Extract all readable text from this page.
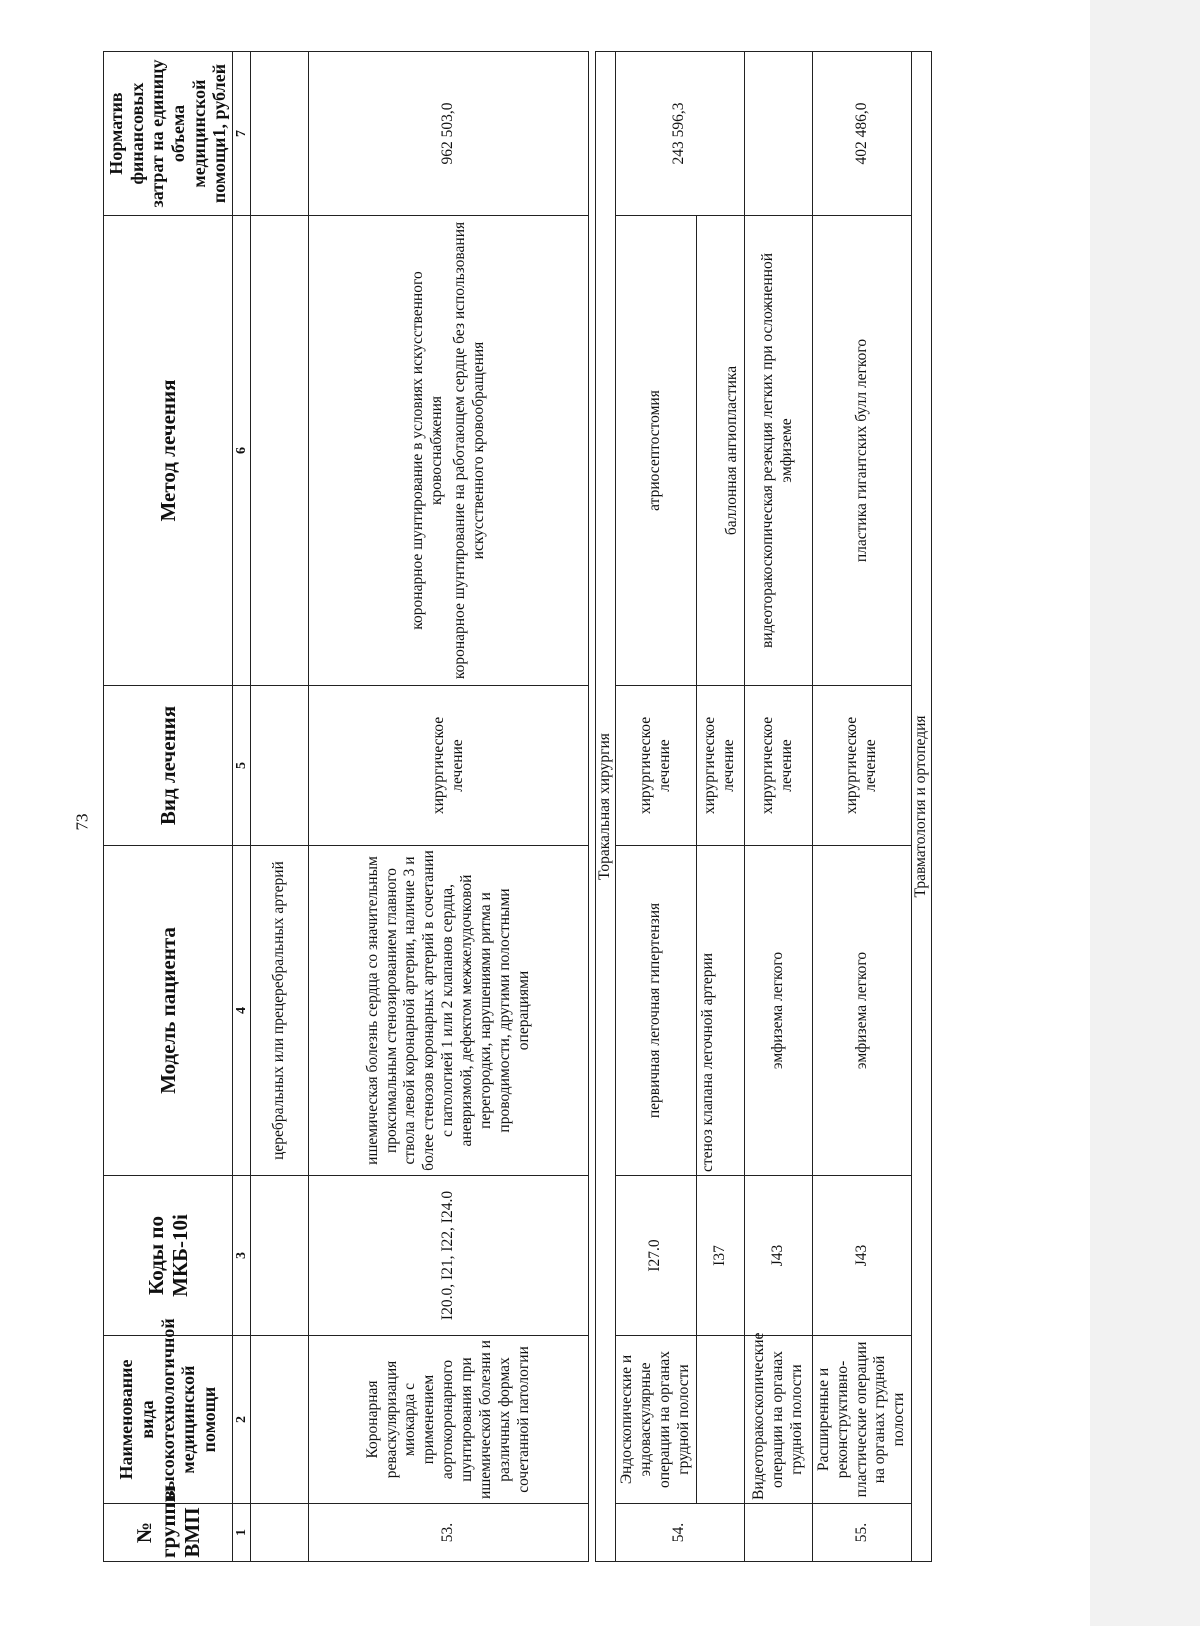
73
№ группы ВМП	Наименование вида высокотехнологичной медицинской помощи	Коды по МКБ-10i	Модель пациента	Вид лечения	Метод лечения	Норматив финансовых затрат на единицу объема медицинской помощи1, рублей
1	2	3	4	5	6	7
			церебральных или прецеребральных артерий			
53.	Коронарная реваскуляризация миокарда с применением аортокоронарного шунтирования при ишемической болезни и различных формах сочетанной патологии	I20.0, I21, I22, I24.0	ишемическая болезнь сердца со значительным проксимальным стенозированием главного ствола левой коронарной артерии, наличие 3 и более стенозов коронарных артерий в сочетании с патологией 1 или 2 клапанов сердца, аневризмой, дефектом межжелудочковой перегородки, нарушениями ритма и проводимости, другими полостными операциями	хирургическое лечение	коронарное шунтирование в условиях искусственного кровоснабжения	962 503,0
					коронарное шунтирование на работающем сердце без использования искусственного кровообращения	

Торакальная хирургия						
54.	Эндоскопические и эндоваскулярные операции на органах грудной полости	I27.0	первичная легочная гипертензия	хирургическое лечение	атриосептостомия	243 596,3
		I37	стеноз клапана легочной артерии	хирургическое лечение	баллонная ангиопластика	
	Видеоторакоскопические операции на органах грудной полости	J43	эмфизема легкого	хирургическое лечение	видеоторакоскопическая резекция легких при осложненной эмфиземе	
55.	Расширенные и реконструктивно-пластические операции на органах грудной полости	J43	эмфизема легкого	хирургическое лечение	пластика гигантских булл легкого	402 486,0
Травматология и ортопедия						
